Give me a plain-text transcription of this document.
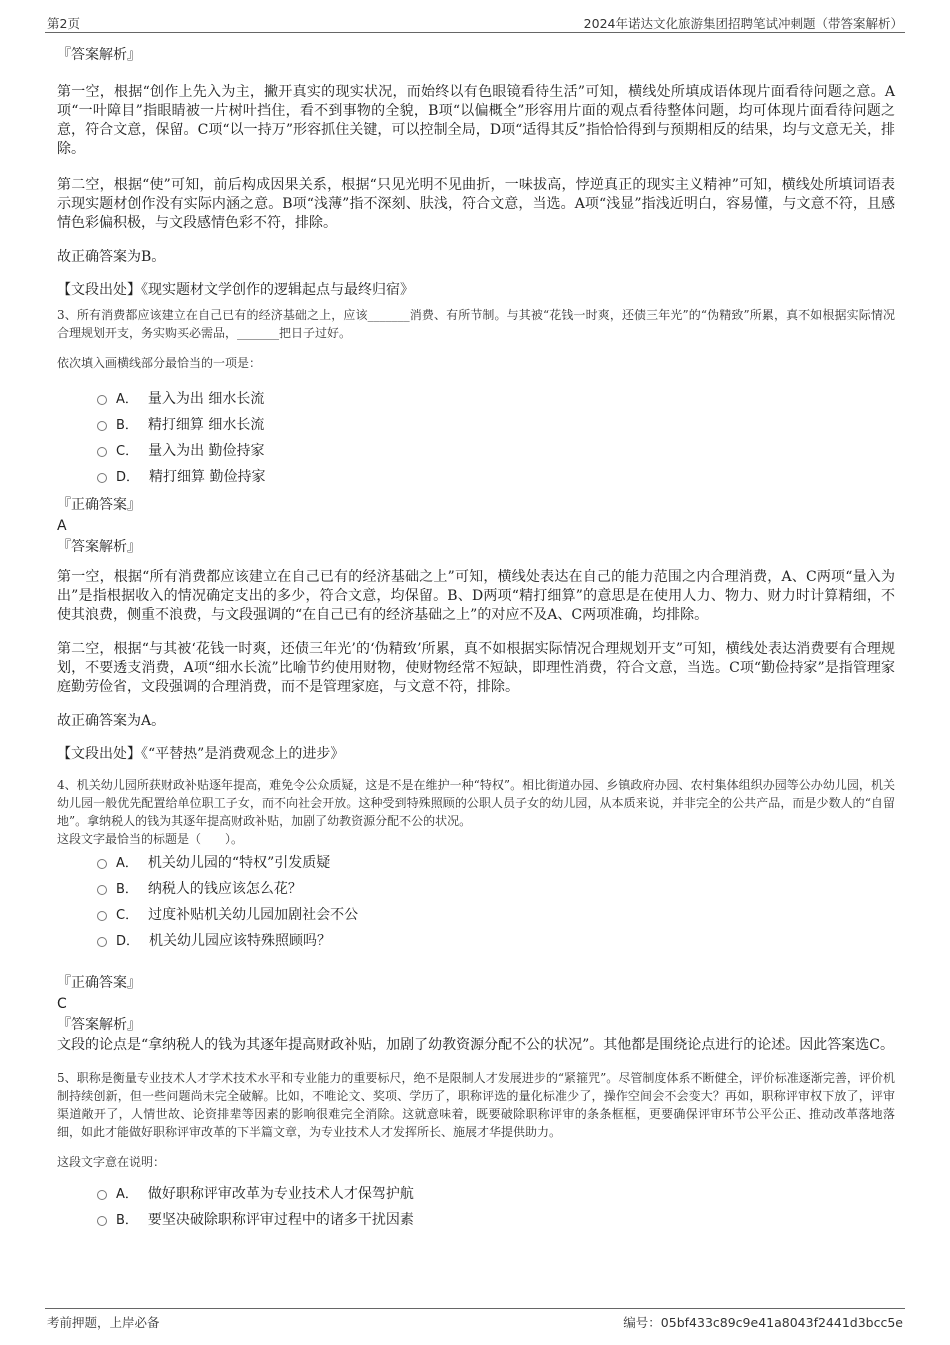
第2页	2024年诺达文化旅游集团招聘笔试冲刺题（带答案解析）

『答案解析』

第一空，根据“创作上先入为主，撇开真实的现实状况，而始终以有色眼镜看待生活”可知，横线处所填成语体现片面看待问题之意。A项“一叶障目”指眼睛被一片树叶挡住，看不到事物的全貌，B项“以偏概全”形容用片面的观点看待整体问题，均可体现片面看待问题之意，符合文意，保留。C项“以一持万”形容抓住关键，可以控制全局，D项“适得其反”指恰恰得到与预期相反的结果，均与文意无关，排除。

第二空，根据“使”可知，前后构成因果关系，根据“只见光明不见曲折，一味拔高，悖逆真正的现实主义精神”可知，横线处所填词语表示现实题材创作没有实际内涵之意。B项“浅薄”指不深刻、肤浅，符合文意，当选。A项“浅显”指浅近明白，容易懂，与文意不符，且感情色彩偏积极，与文段感情色彩不符，排除。

故正确答案为B。

【文段出处】《现实题材文学创作的逻辑起点与最终归宿》

3、所有消费都应该建立在自己已有的经济基础之上，应该_______消费、有所节制。与其被“花钱一时爽，还债三年光”的“伪精致”所累，真不如根据实际情况合理规划开支，务实购买必需品，_______把日子过好。

依次填入画横线部分最恰当的一项是：

A． 量入为出 细水长流
B． 精打细算 细水长流
C． 量入为出 勤俭持家
D． 精打细算 勤俭持家

『正确答案』

A

『答案解析』

第一空，根据“所有消费都应该建立在自己已有的经济基础之上”可知，横线处表达在自己的能力范围之内合理消费，A、C两项“量入为出”是指根据收入的情况确定支出的多少，符合文意，均保留。B、D两项“精打细算”的意思是在使用人力、物力、财力时计算精细，不使其浪费，侧重不浪费，与文段强调的“在自己已有的经济基础之上”的对应不及A、C两项准确，均排除。

第二空，根据“与其被‘花钱一时爽，还债三年光’的‘伪精致’所累，真不如根据实际情况合理规划开支”可知，横线处表达消费要有合理规划，不要透支消费，A项“细水长流”比喻节约使用财物，使财物经常不短缺，即理性消费，符合文意，当选。C项“勤俭持家”是指管理家庭勤劳俭省，文段强调的合理消费，而不是管理家庭，与文意不符，排除。

故正确答案为A。

【文段出处】《“平替热”是消费观念上的进步》

4、机关幼儿园所获财政补贴逐年提高，难免令公众质疑，这是不是在维护一种“特权”。相比街道办园、乡镇政府办园、农村集体组织办园等公办幼儿园，机关幼儿园一般优先配置给单位职工子女，而不向社会开放。这种受到特殊照顾的公职人员子女的幼儿园，从本质来说，并非完全的公共产品，而是少数人的“自留地”。拿纳税人的钱为其逐年提高财政补贴，加剧了幼教资源分配不公的状况。

这段文字最恰当的标题是（　　）。

A． 机关幼儿园的“特权”引发质疑
B． 纳税人的钱应该怎么花？
C． 过度补贴机关幼儿园加剧社会不公
D． 机关幼儿园应该特殊照顾吗？

『正确答案』

C

『答案解析』

文段的论点是“拿纳税人的钱为其逐年提高财政补贴，加剧了幼教资源分配不公的状况”。其他都是围绕论点进行的论述。因此答案选C。

5、职称是衡量专业技术人才学术技术水平和专业能力的重要标尺，绝不是限制人才发展进步的“紧箍咒”。尽管制度体系不断健全，评价标准逐渐完善，评价机制持续创新，但一些问题尚未完全破解。比如，不唯论文、奖项、学历了，职称评选的量化标准少了，操作空间会不会变大？再如，职称评审权下放了，评审渠道敞开了，人情世故、论资排辈等因素的影响很难完全消除。这就意味着，既要破除职称评审的条条框框，更要确保评审环节公平公正、推动改革落地落细，如此才能做好职称评审改革的下半篇文章，为专业技术人才发挥所长、施展才华提供助力。

这段文字意在说明：

A． 做好职称评审改革为专业技术人才保驾护航
B． 要坚决破除职称评审过程中的诸多干扰因素
考前押题，上岸必备	编号：05bf433c89c9e41a8043f2441d3bcc5e
